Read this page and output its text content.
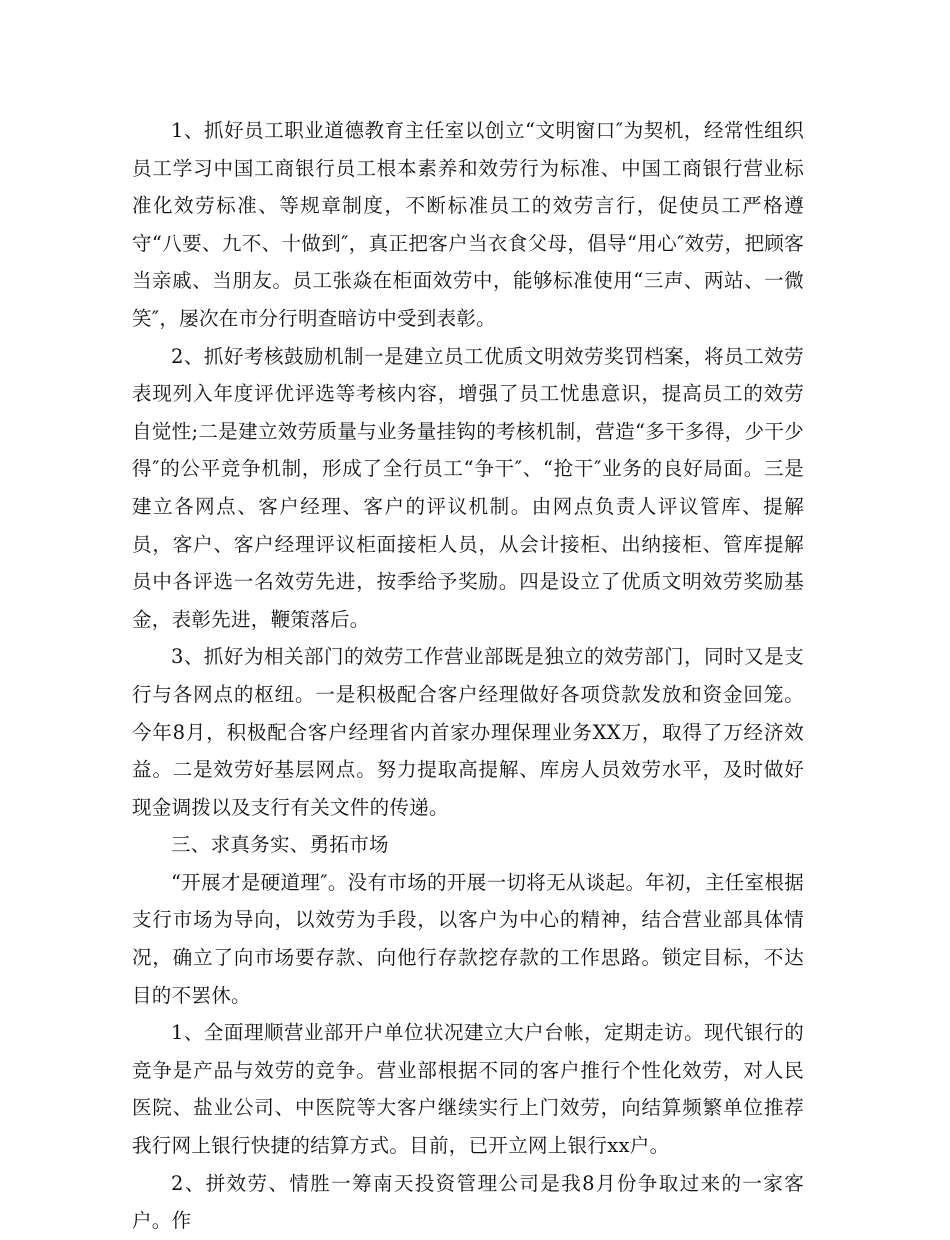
1、抓好员工职业道德教育主任室以创立“文明窗口″为契机，经常性组织员工学习中国工商银行员工根本素养和效劳行为标准、中国工商银行营业标准化效劳标准、等规章制度，不断标准员工的效劳言行，促使员工严格遵守“八要、九不、十做到″，真正把客户当衣食父母，倡导“用心″效劳，把顾客当亲戚、当朋友。员工张焱在柜面效劳中，能够标准使用“三声、两站、一微笑″，屡次在市分行明查暗访中受到表彰。

2、抓好考核鼓励机制一是建立员工优质文明效劳奖罚档案，将员工效劳表现列入年度评优评选等考核内容，增强了员工忧患意识，提高员工的效劳自觉性;二是建立效劳质量与业务量挂钩的考核机制，营造“多干多得，少干少得″的公平竞争机制，形成了全行员工“争干″、“抢干″业务的良好局面。三是建立各网点、客户经理、客户的评议机制。由网点负责人评议管库、提解员，客户、客户经理评议柜面接柜人员，从会计接柜、出纳接柜、管库提解员中各评选一名效劳先进，按季给予奖励。四是设立了优质文明效劳奖励基金，表彰先进，鞭策落后。

3、抓好为相关部门的效劳工作营业部既是独立的效劳部门，同时又是支行与各网点的枢纽。一是积极配合客户经理做好各项贷款发放和资金回笼。今年8月，积极配合客户经理省内首家办理保理业务XX万，取得了万经济效益。二是效劳好基层网点。努力提取高提解、库房人员效劳水平，及时做好现金调拨以及支行有关文件的传递。

三、求真务实、勇拓市场

“开展才是硬道理″。没有市场的开展一切将无从谈起。年初，主任室根据支行市场为导向，以效劳为手段，以客户为中心的精神，结合营业部具体情况，确立了向市场要存款、向他行存款挖存款的工作思路。锁定目标，不达目的不罢休。

1、全面理顺营业部开户单位状况建立大户台帐，定期走访。现代银行的竞争是产品与效劳的竞争。营业部根据不同的客户推行个性化效劳，对人民医院、盐业公司、中医院等大客户继续实行上门效劳，向结算频繁单位推荐我行网上银行快捷的结算方式。目前，已开立网上银行xx户。

2、拼效劳、情胜一筹南天投资管理公司是我8月份争取过来的一家客户。作
